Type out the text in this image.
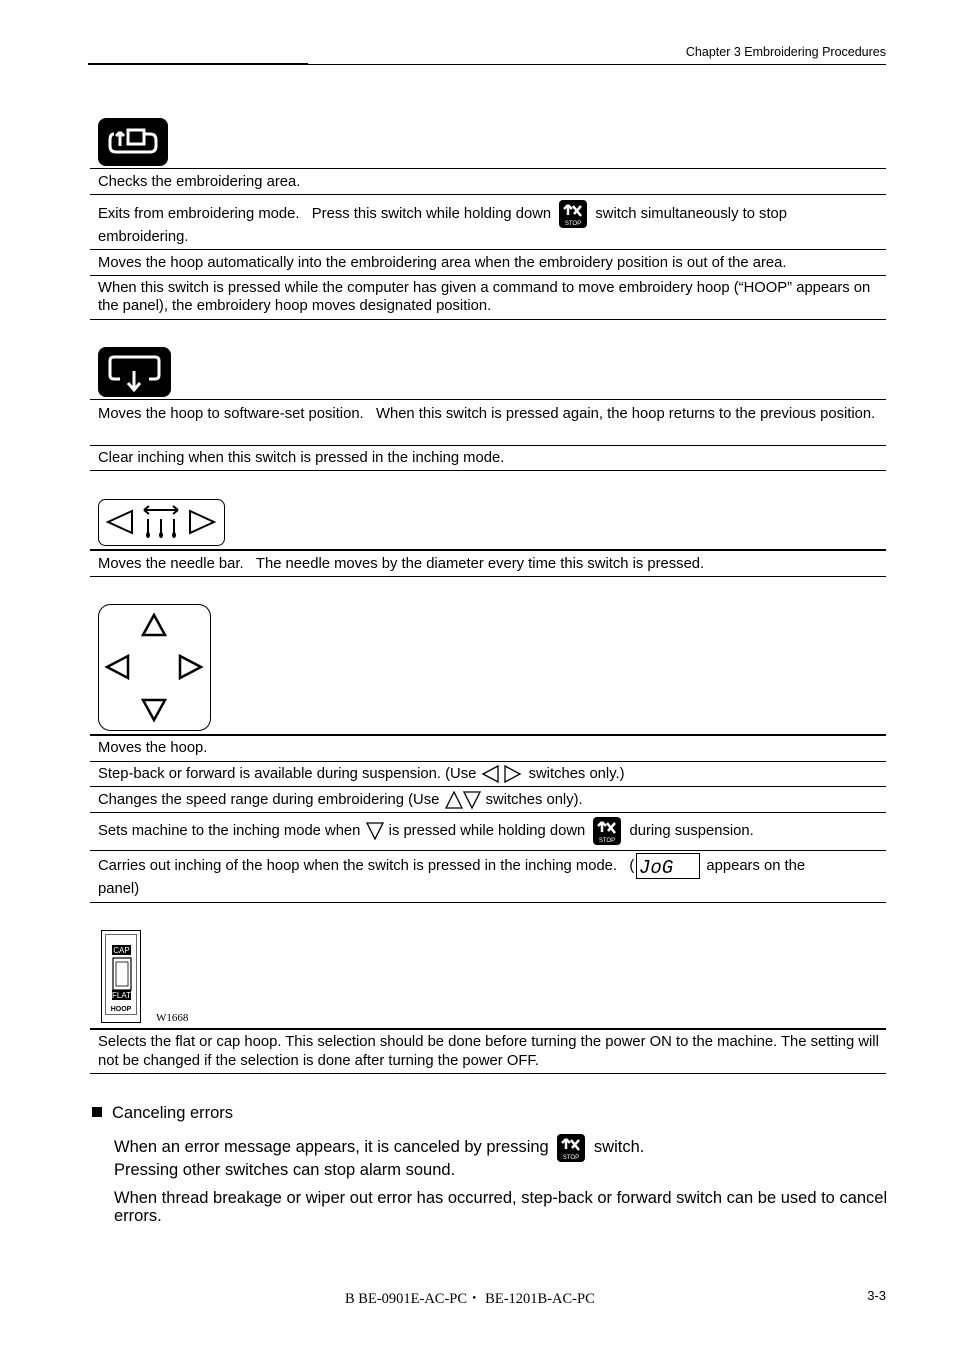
Chapter 3 Embroidering Procedures
Checks the embroidering area.
Exits from embroidering mode.   Press this switch while holding down
STOP
switch simultaneously to stop
embroidering.
Moves the hoop automatically into the embroidering area when the embroidery position is out of the area.
When this switch is pressed while the computer has given a command to move embroidery hoop (“HOOP” appears on the panel), the embroidery hoop moves designated position.
Moves the hoop to software-set position.   When this switch is pressed again, the hoop returns to the previous position.
Clear inching when this switch is pressed in the inching mode.
Moves the needle bar.   The needle moves by the diameter every time this switch is pressed.
Moves the hoop.
Step-back or forward is available during suspension. (Use	switches only.)
Changes the speed range during embroidering (Use	switches only).
Sets machine to the inching mode when is pressed while holding down
STOP
during suspension.
Carries out inching of the hoop when the switch is pressed in the inching mode.   ( JoG appears on the
panel)
CAP
FLAT
HOOP
W1668
Selects the flat or cap hoop. This selection should be done before turning the power ON to the machine. The setting will not be changed if the selection is done after turning the power OFF.
Canceling errors
When an error message appears, it is canceled by pressing
STOP
switch.
Pressing other switches can stop alarm sound.
When thread breakage or wiper out error has occurred, step-back or forward switch can be used to cancel errors.
B BE-0901E-AC-PC・ BE-1201B-AC-PC	3-3
